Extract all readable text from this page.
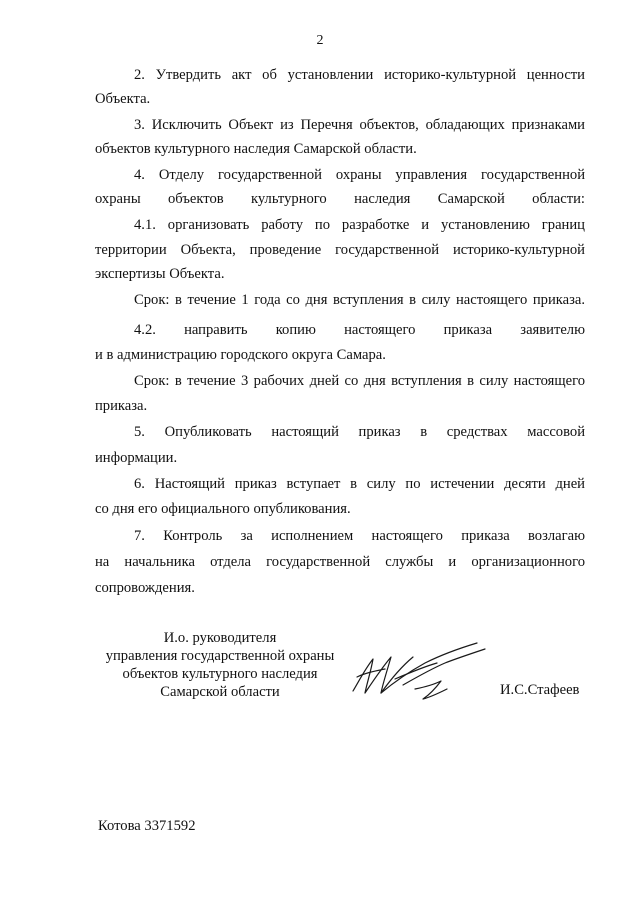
2
2. Утвердить акт об установлении историко-культурной ценности
Объекта.
3. Исключить Объект из Перечня объектов, обладающих признаками
объектов культурного наследия Самарской области.
4. Отделу государственной охраны управления государственной
охраны объектов культурного наследия Самарской области:
4.1. организовать работу по разработке и установлению границ
территории Объекта, проведение государственной историко-культурной
экспертизы Объекта.
Срок: в течение 1 года со дня вступления в силу настоящего приказа.
4.2. направить копию настоящего приказа заявителю
и в администрацию городского округа Самара.
Срок: в течение 3 рабочих дней со дня вступления в силу настоящего
приказа.
5. Опубликовать настоящий приказ в средствах массовой
информации.
6. Настоящий приказ вступает в силу по истечении десяти дней
со дня его официального опубликования.
7. Контроль за исполнением настоящего приказа возлагаю
на начальника отдела государственной службы и организационного
сопровождения.
И.о. руководителя
управления государственной охраны
объектов культурного наследия
Самарской области	И.С.Стафеев
Котова 3371592
